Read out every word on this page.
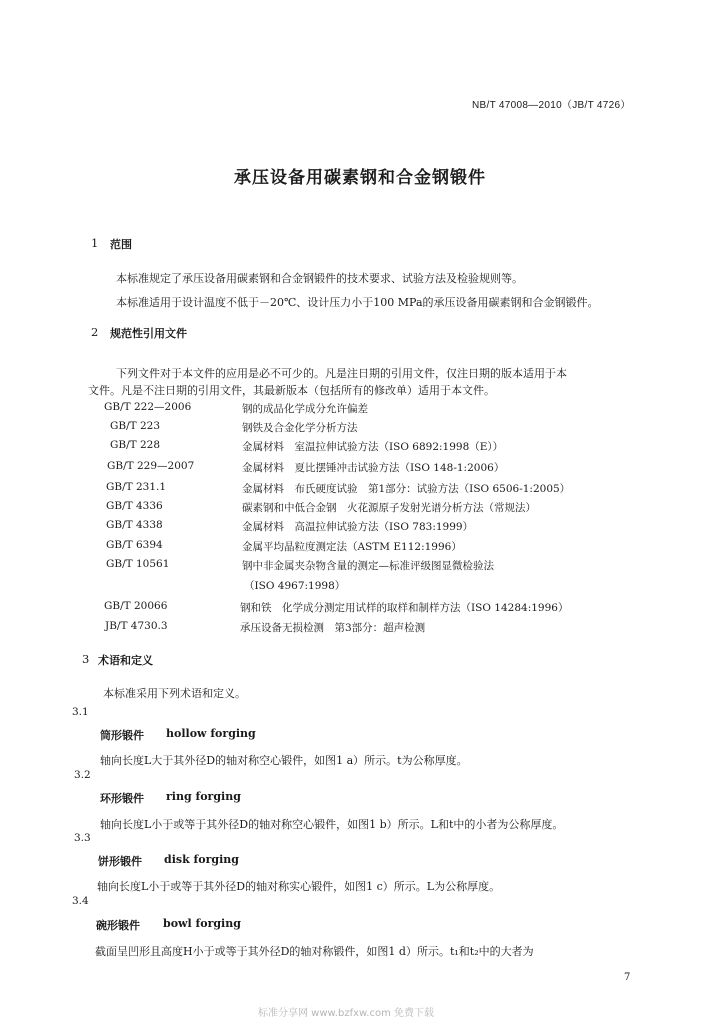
NB/T 47008—2010（JB/T 4726）
承压设备用碳素钢和合金钢锻件
1 范围
本标准规定了承压设备用碳素钢和合金钢锻件的技术要求、试验方法及检验规则等。
本标准适用于设计温度不低于－20℃、设计压力小于100 MPa的承压设备用碳素钢和合金钢锻件。
2 规范性引用文件
下列文件对于本文件的应用是必不可少的。凡是注日期的引用文件，仅注日期的版本适用于本
文件。凡是不注日期的引用文件，其最新版本（包括所有的修改单）适用于本文件。
GB/T 222—2006	钢的成品化学成分允许偏差
GB/T 223	钢铁及合金化学分析方法
GB/T 228	金属材料　室温拉伸试验方法（ISO 6892:1998（E））
GB/T 229—2007	金属材料　夏比摆锤冲击试验方法（ISO 148-1:2006）
GB/T 231.1	金属材料　布氏硬度试验　第1部分：试验方法（ISO 6506-1:2005）
GB/T 4336	碳素钢和中低合金钢　火花源原子发射光谱分析方法（常规法）
GB/T 4338	金属材料　高温拉伸试验方法（ISO 783:1999）
GB/T 6394	金属平均晶粒度测定法（ASTM E112:1996）
GB/T 10561	钢中非金属夹杂物含量的测定—标准评级图显微检验法
（ISO 4967:1998）
GB/T 20066	钢和铁　化学成分测定用试样的取样和制样方法（ISO 14284:1996）
JB/T 4730.3	承压设备无损检测　第3部分：超声检测
3 术语和定义
本标准采用下列术语和定义。
3.1
筒形锻件 hollow forging
轴向长度L大于其外径D的轴对称空心锻件，如图1 a）所示。t为公称厚度。
3.2
环形锻件 ring forging
轴向长度L小于或等于其外径D的轴对称空心锻件，如图1 b）所示。L和t中的小者为公称厚度。
3.3
饼形锻件 disk forging
轴向长度L小于或等于其外径D的轴对称实心锻件，如图1 c）所示。L为公称厚度。
3.4
碗形锻件 bowl forging
截面呈凹形且高度H小于或等于其外径D的轴对称锻件，如图1 d）所示。t₁和t₂中的大者为
7
标准分享网 www.bzfxw.com 免费下载
